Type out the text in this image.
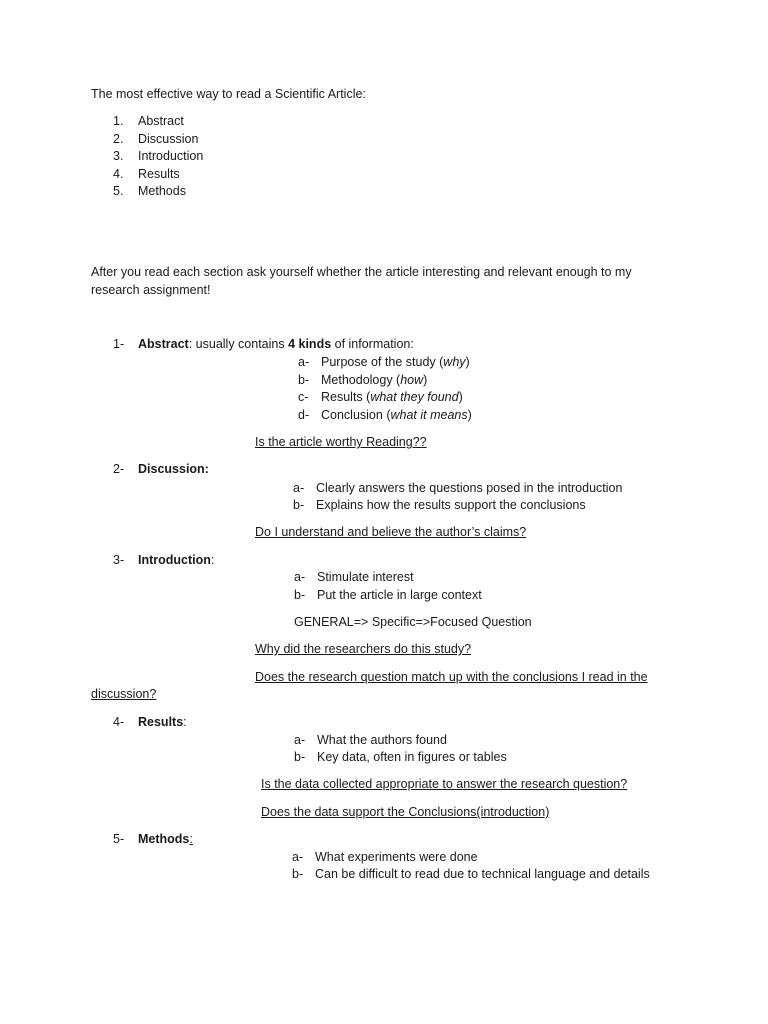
The most effective way to read a Scientific Article:
1. Abstract
2. Discussion
3. Introduction
4. Results
5. Methods
After you read each section ask yourself whether the article interesting and relevant enough to my
research assignment!
1- Abstract: usually contains 4 kinds of information:
a- Purpose of the study (why)
b- Methodology (how)
c- Results (what they found)
d- Conclusion (what it means)
Is the article worthy Reading??
2- Discussion:
a- Clearly answers the questions posed in the introduction
b- Explains how the results support the conclusions
Do I understand and believe the author’s claims?
3- Introduction:
a- Stimulate interest
b- Put the article in large context
GENERAL=> Specific=>Focused Question
Why did the researchers do this study?
Does the research question match up with the conclusions I read in the
discussion?
4- Results:
a- What the authors found
b- Key data, often in figures or tables
Is the data collected appropriate to answer the research question?
Does the data support the Conclusions(introduction)
5- Methods:
a- What experiments were done
b- Can be difficult to read due to technical language and details
